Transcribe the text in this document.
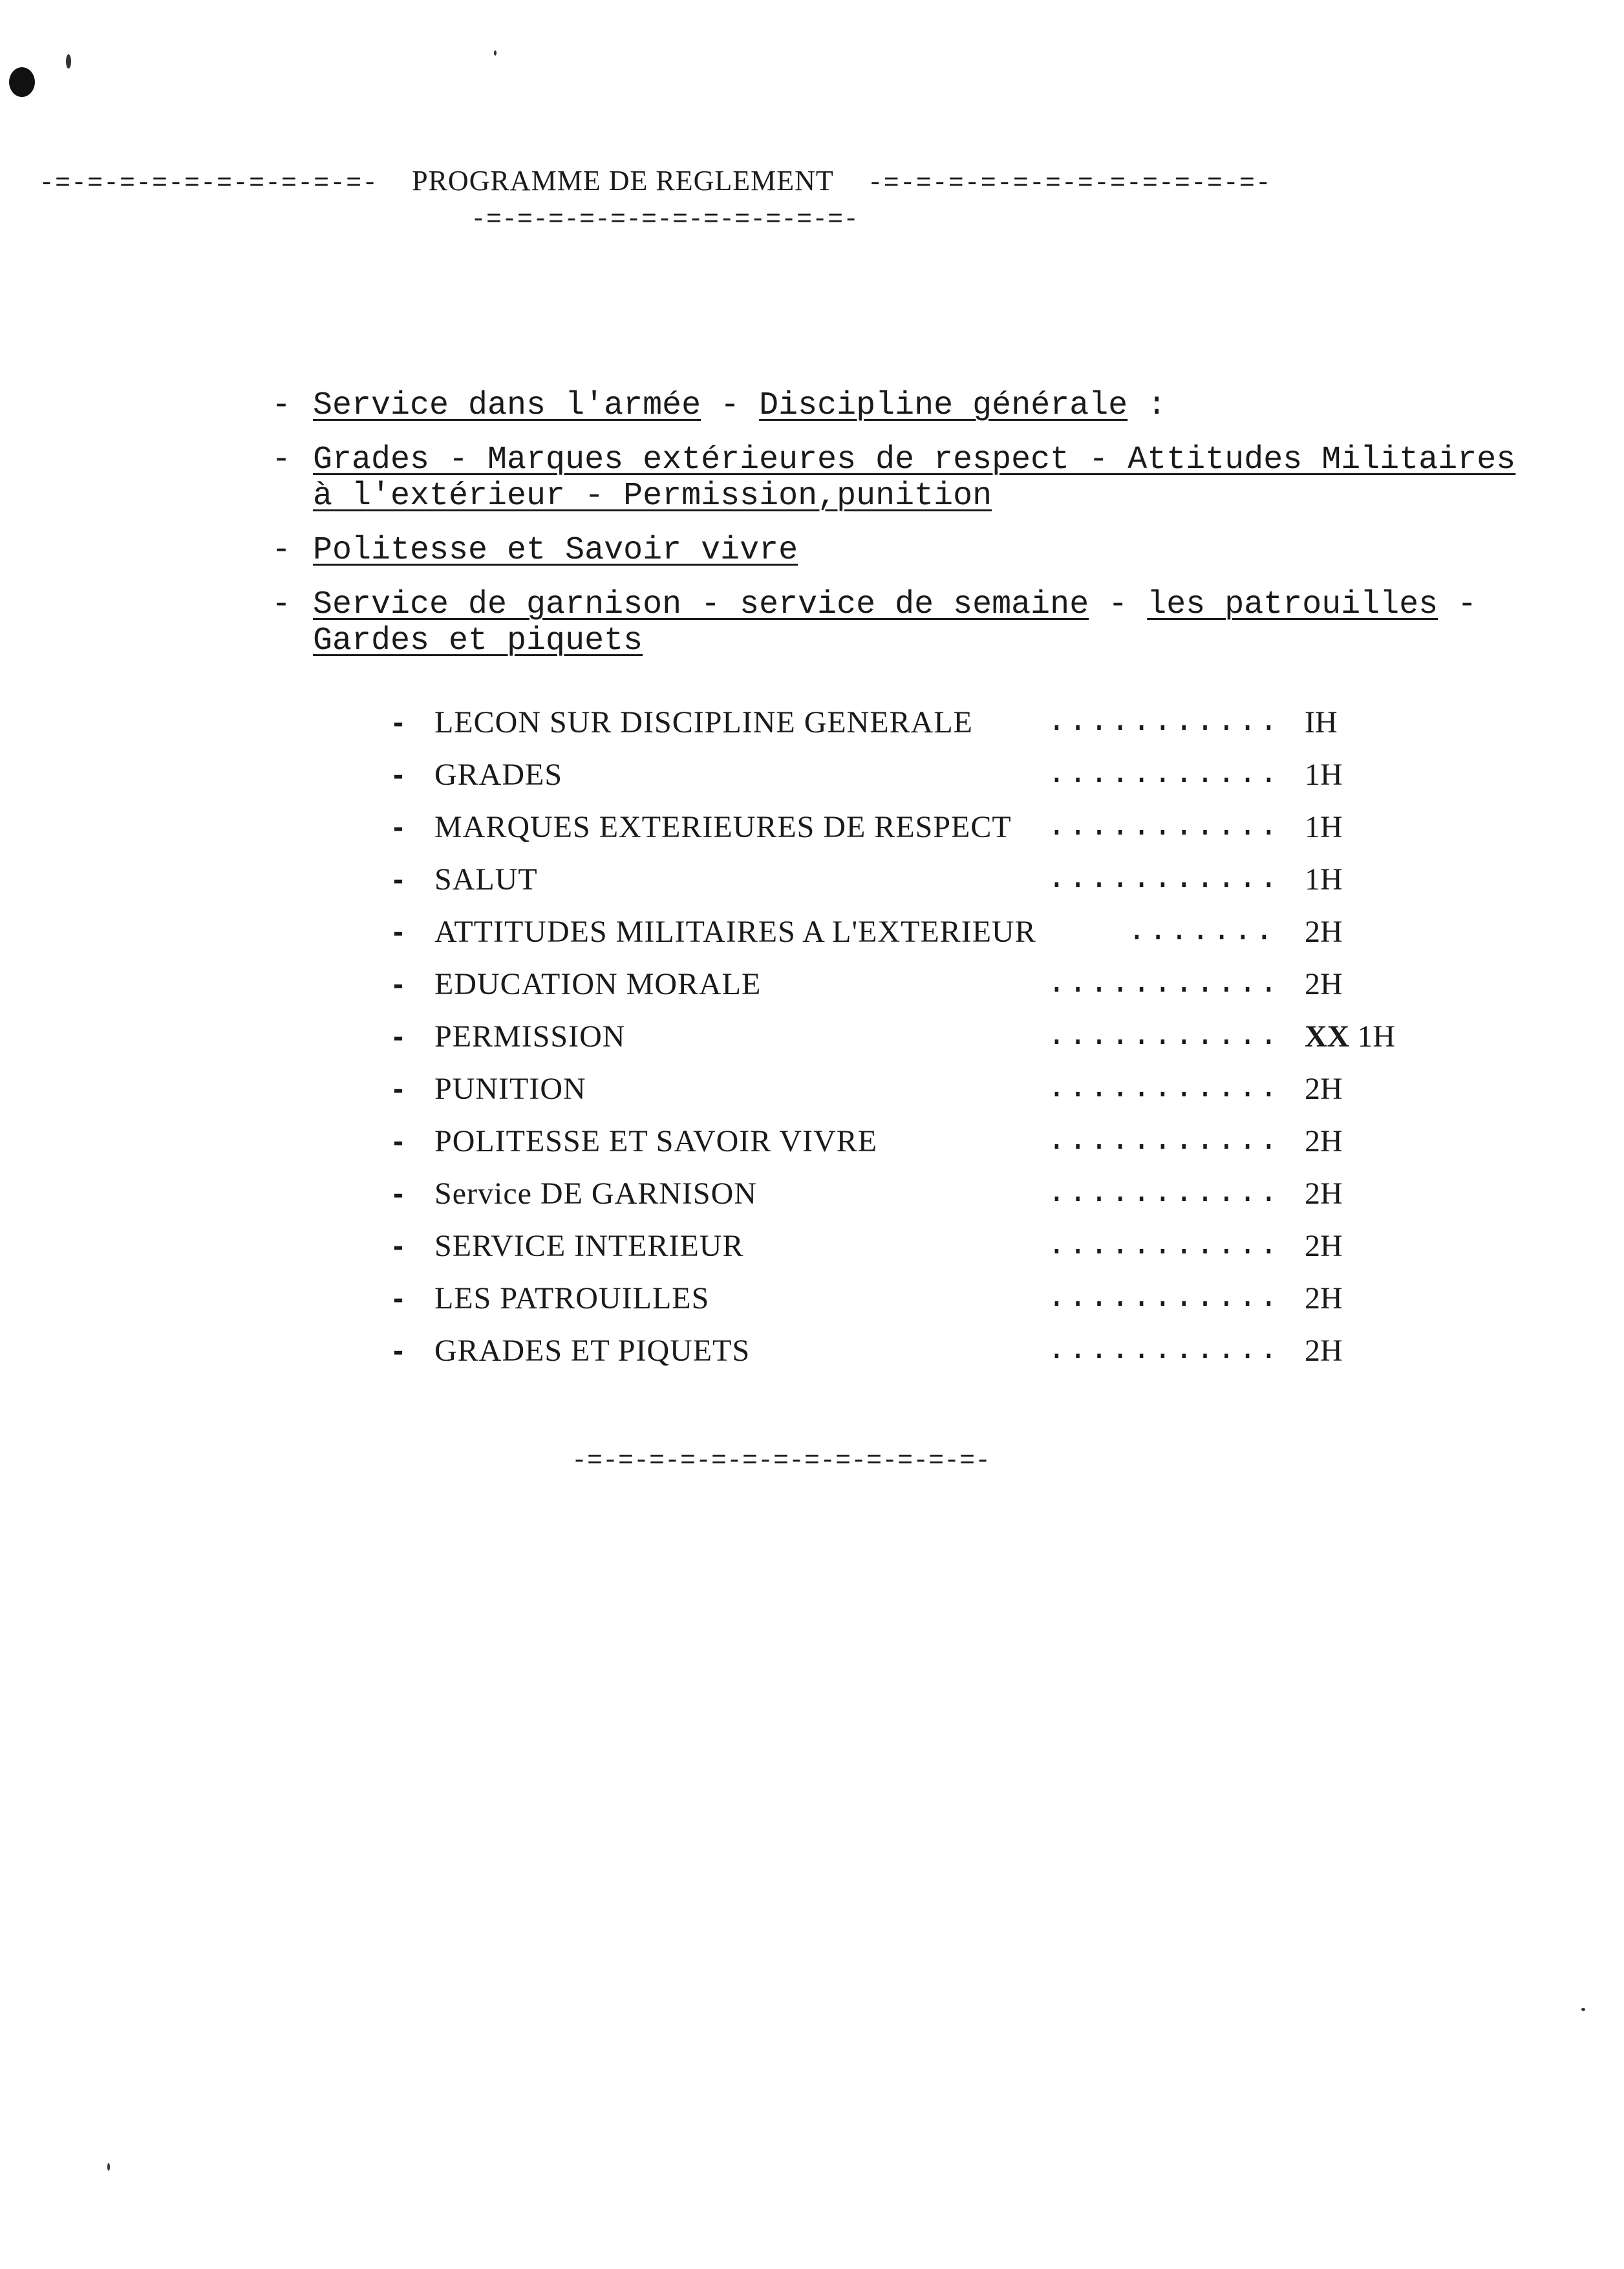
-=-=-=-=-=-=-=-=-=-=- PROGRAMME DE REGLEMENT -=-=-=-=-=-=-=-=-=-=-=-=-
-=-=-=-=-=-=-=-=-=-=-=-=-
- Service dans l'armée - Discipline générale :
- Grades - Marques extérieures de respect - Attitudes Militaires
à l'extérieur - Permission,punition
- Politesse et Savoir vivre
- Service de garnison - service de semaine - les patrouilles -
Gardes et piquets
- LECON SUR DISCIPLINE GENERALE ........... IH
- GRADES	........... 1H
- MARQUES EXTERIEURES DE RESPECT ........... 1H
- SALUT	........... 1H
- ATTITUDES MILITAIRES A L'EXTERIEUR	....... 2H
- EDUCATION MORALE	........... 2H
- PERMISSION	........... XX 1H
- PUNITION	........... 2H
- POLITESSE ET SAVOIR VIVRE	........... 2H
- Service DE GARNISON	........... 2H
- SERVICE INTERIEUR	........... 2H
- LES PATROUILLES	........... 2H
- GRADES ET PIQUETS	........... 2H
-=-=-=-=-=-=-=-=-=-=-=-=-=-
